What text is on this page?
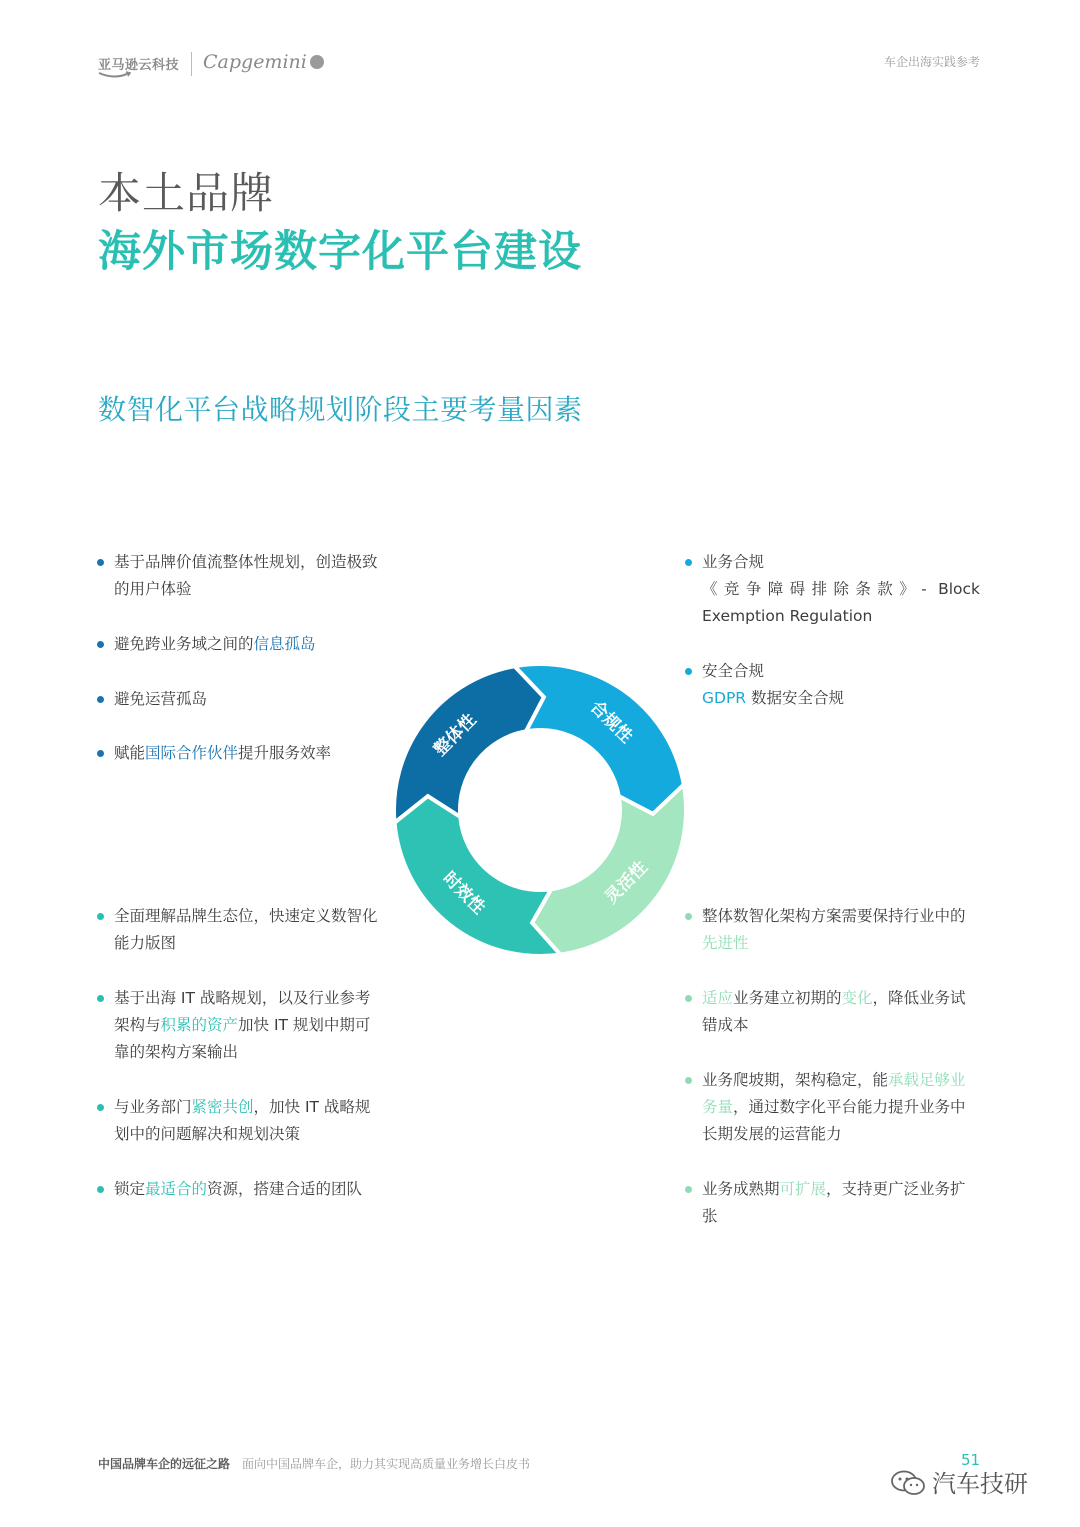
亚马逊云科技 Capgemini	车企出海实践参考
本土品牌
海外市场数字化平台建设
数智化平台战略规划阶段主要考量因素
整体性	合规性
灵活性
时效性
基于品牌价值流整体性规划，创造极致
的用户体验
避免跨业务域之间的信息孤岛
避免运营孤岛
赋能国际合作伙伴提升服务效率
业务合规
《竞争障碍排除条款》- Block
Exemption Regulation
安全合规
GDPR 数据安全合规
全面理解品牌生态位，快速定义数智化
能力版图
基于出海 IT 战略规划，以及行业参考
架构与积累的资产加快 IT 规划中期可
靠的架构方案输出
与业务部门紧密共创，加快 IT 战略规
划中的问题解决和规划决策
锁定最适合的资源，搭建合适的团队
整体数智化架构方案需要保持行业中的
先进性
适应业务建立初期的变化，降低业务试
错成本
业务爬坡期，架构稳定，能承载足够业
务量，通过数字化平台能力提升业务中
长期发展的运营能力
业务成熟期可扩展，支持更广泛业务扩
张
中国品牌车企的远征之路 面向中国品牌车企，助力其实现高质量业务增长白皮书	51
汽车技研
